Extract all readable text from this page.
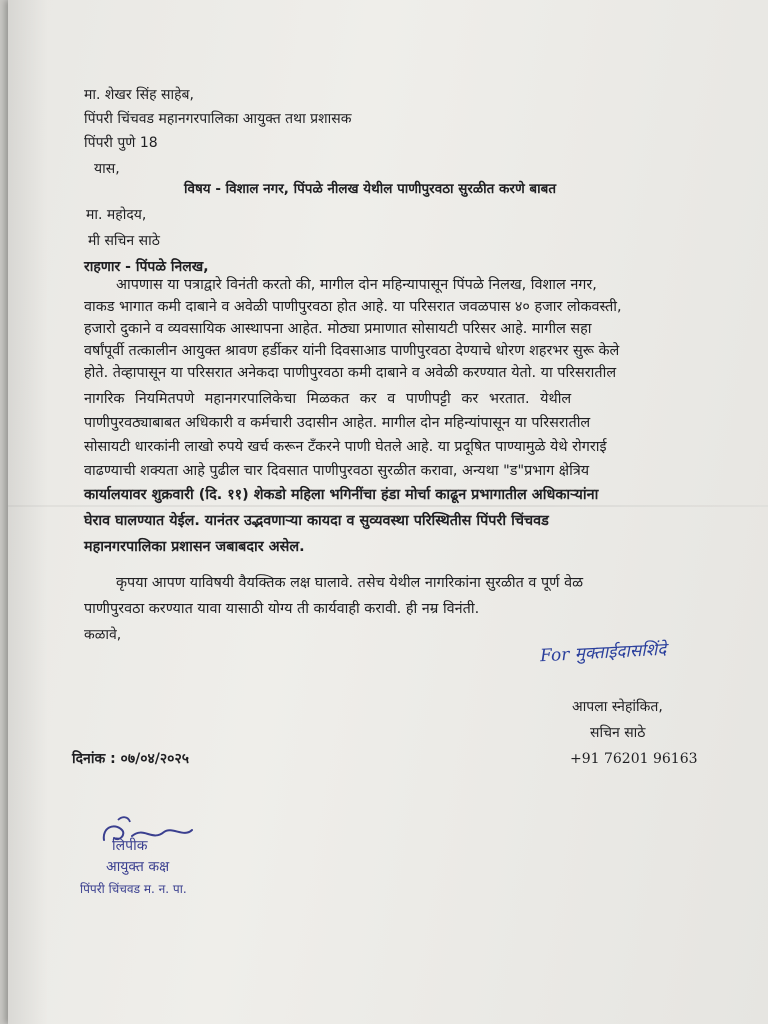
मा. शेखर सिंह साहेब,
पिंपरी चिंचवड महानगरपालिका आयुक्त तथा प्रशासक
पिंपरी पुणे 18
यास,
विषय - विशाल नगर, पिंपळे नीलख येथील पाणीपुरवठा सुरळीत करणे बाबत
मा. महोदय,
मी सचिन साठे
राहणार - पिंपळे निलख,
आपणास या पत्राद्वारे विनंती करतो की, मागील दोन महिन्यापासून पिंपळे निलख, विशाल नगर,
वाकड भागात कमी दाबाने व अवेळी पाणीपुरवठा होत आहे. या परिसरात जवळपास ४० हजार लोकवस्ती,
हजारो दुकाने व व्यवसायिक आस्थापना आहेत. मोठ्या प्रमाणात सोसायटी परिसर आहे. मागील सहा
वर्षांपूर्वी तत्कालीन आयुक्त श्रावण हर्डीकर यांनी दिवसाआड पाणीपुरवठा देण्याचे धोरण शहरभर सुरू केले
होते. तेव्हापासून या परिसरात अनेकदा पाणीपुरवठा कमी दाबाने व अवेळी करण्यात येतो. या परिसरातील
नागरिक नियमितपणे महानगरपालिकेचा मिळकत कर व पाणीपट्टी कर भरतात. येथील
पाणीपुरवठ्याबाबत अधिकारी व कर्मचारी उदासीन आहेत. मागील दोन महिन्यांपासून या परिसरातील
सोसायटी धारकांनी लाखो रुपये खर्च करून टँकरने पाणी घेतले आहे. या प्रदूषित पाण्यामुळे येथे रोगराई
वाढण्याची शक्यता आहे पुढील चार दिवसात पाणीपुरवठा सुरळीत करावा, अन्यथा "ड"प्रभाग क्षेत्रिय
कार्यालयावर शुक्रवारी (दि. ११) शेकडो महिला भगिनींचा हंडा मोर्चा काढून प्रभागातील अधिकाऱ्यांना
घेराव घालण्यात येईल. यानंतर उद्भवणाऱ्या कायदा व सुव्यवस्था परिस्थितीस पिंपरी चिंचवड
महानगरपालिका प्रशासन जबाबदार असेल.
कृपया आपण याविषयी वैयक्तिक लक्ष घालावे. तसेच येथील नागरिकांना सुरळीत व पूर्ण वेळ
पाणीपुरवठा करण्यात यावा यासाठी योग्य ती कार्यवाही करावी. ही नम्र विनंती.
कळावे,
For मुक्ताईदासशिंदे
आपला स्नेहांकित,
सचिन साठे
+91 76201 96163
दिनांक : ०७/०४/२०२५
लिपीक
आयुक्त कक्ष
पिंपरी चिंचवड म. न. पा.
